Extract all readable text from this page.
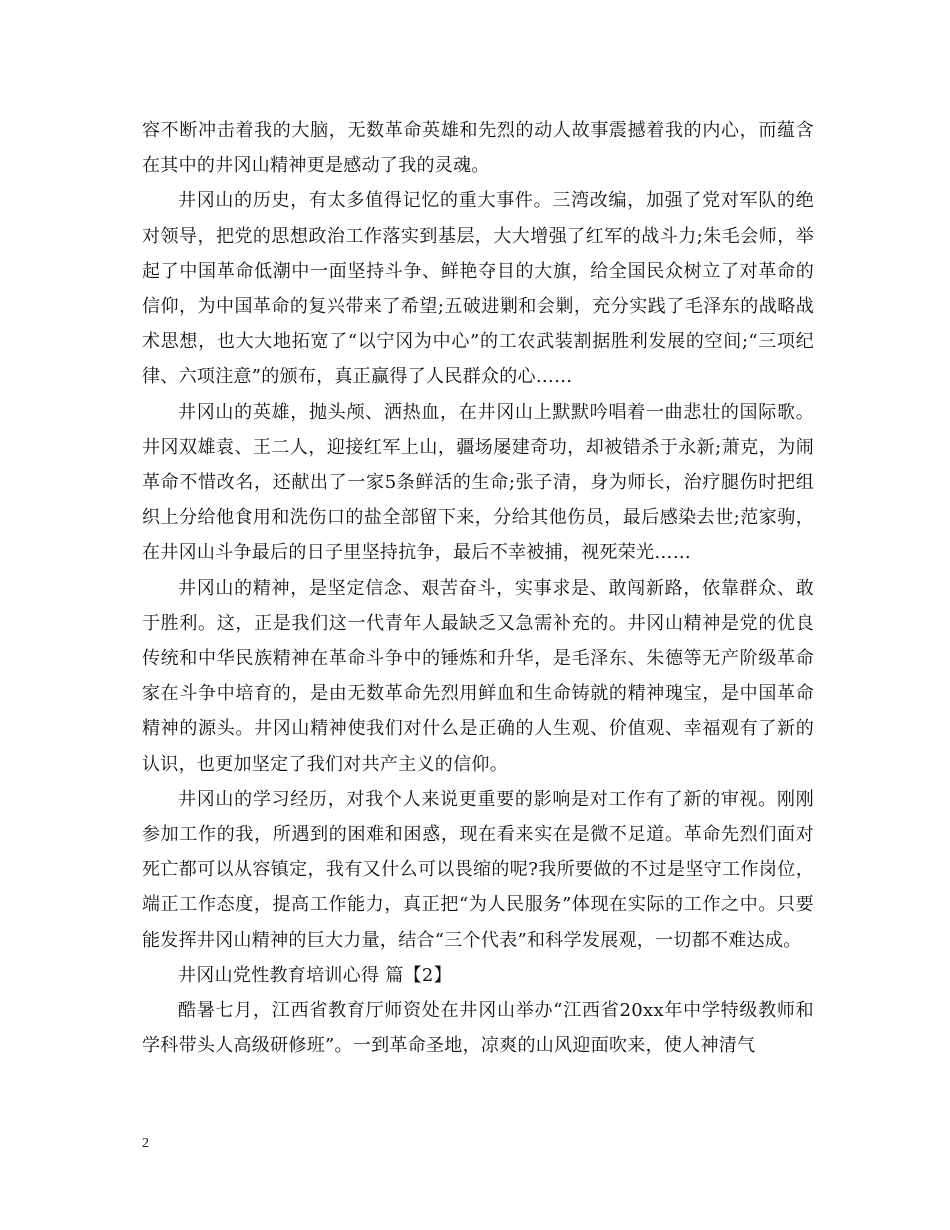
容不断冲击着我的大脑，无数革命英雄和先烈的动人故事震撼着我的内心，而蕴含在其中的井冈山精神更是感动了我的灵魂。

井冈山的历史，有太多值得记忆的重大事件。三湾改编，加强了党对军队的绝对领导，把党的思想政治工作落实到基层，大大增强了红军的战斗力;朱毛会师，举起了中国革命低潮中一面坚持斗争、鲜艳夺目的大旗，给全国民众树立了对革命的信仰，为中国革命的复兴带来了希望;五破进剿和会剿，充分实践了毛泽东的战略战术思想，也大大地拓宽了“以宁冈为中心”的工农武装割据胜利发展的空间;“三项纪律、六项注意”的颁布，真正赢得了人民群众的心……

井冈山的英雄，抛头颅、洒热血，在井冈山上默默吟唱着一曲悲壮的国际歌。井冈双雄袁、王二人，迎接红军上山，疆场屡建奇功，却被错杀于永新;萧克，为闹革命不惜改名，还献出了一家5条鲜活的生命;张子清，身为师长，治疗腿伤时把组织上分给他食用和洗伤口的盐全部留下来，分给其他伤员，最后感染去世;范家驹，在井冈山斗争最后的日子里坚持抗争，最后不幸被捕，视死荣光……

井冈山的精神，是坚定信念、艰苦奋斗，实事求是、敢闯新路，依靠群众、敢于胜利。这，正是我们这一代青年人最缺乏又急需补充的。井冈山精神是党的优良传统和中华民族精神在革命斗争中的锤炼和升华，是毛泽东、朱德等无产阶级革命家在斗争中培育的，是由无数革命先烈用鲜血和生命铸就的精神瑰宝，是中国革命精神的源头。井冈山精神使我们对什么是正确的人生观、价值观、幸福观有了新的认识，也更加坚定了我们对共产主义的信仰。

井冈山的学习经历，对我个人来说更重要的影响是对工作有了新的审视。刚刚参加工作的我，所遇到的困难和困惑，现在看来实在是微不足道。革命先烈们面对死亡都可以从容镇定，我有又什么可以畏缩的呢?我所要做的不过是坚守工作岗位，端正工作态度，提高工作能力，真正把“为人民服务”体现在实际的工作之中。只要能发挥井冈山精神的巨大力量，结合“三个代表”和科学发展观，一切都不难达成。

井冈山党性教育培训心得 篇【2】

酷暑七月，江西省教育厅师资处在井冈山举办“江西省20xx年中学特级教师和学科带头人高级研修班”。一到革命圣地，凉爽的山风迎面吹来，使人神清气

2
